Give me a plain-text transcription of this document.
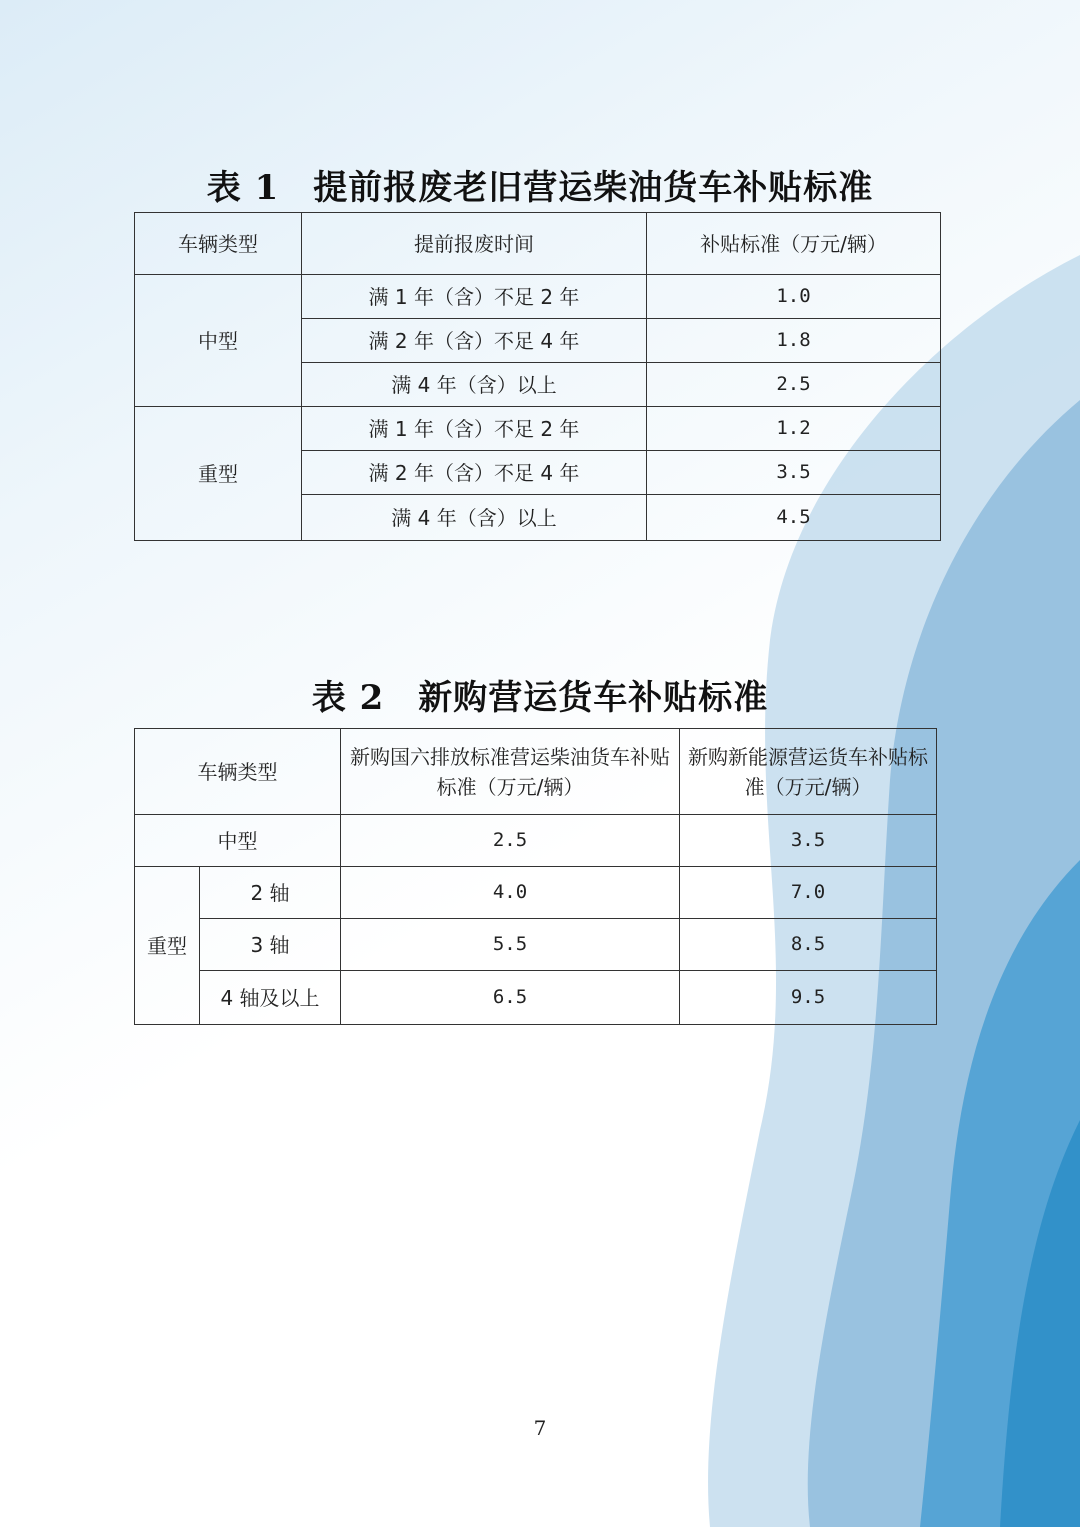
表 1 提前报废老旧营运柴油货车补贴标准
车辆类型	提前报废时间	补贴标准（万元/辆）
中型	满 1 年（含）不足 2 年	1.0
	满 2 年（含）不足 4 年	1.8
	满 4 年（含）以上	2.5
重型	满 1 年（含）不足 2 年	1.2
	满 2 年（含）不足 4 年	3.5
	满 4 年（含）以上	4.5
表 2 新购营运货车补贴标准
车辆类型		新购国六排放标准营运柴油货车补贴标准（万元/辆）	新购新能源营运货车补贴标准（万元/辆）
中型		2.5	3.5
重型	2 轴	4.0	7.0
	3 轴	5.5	8.5
	4 轴及以上	6.5	9.5
7
